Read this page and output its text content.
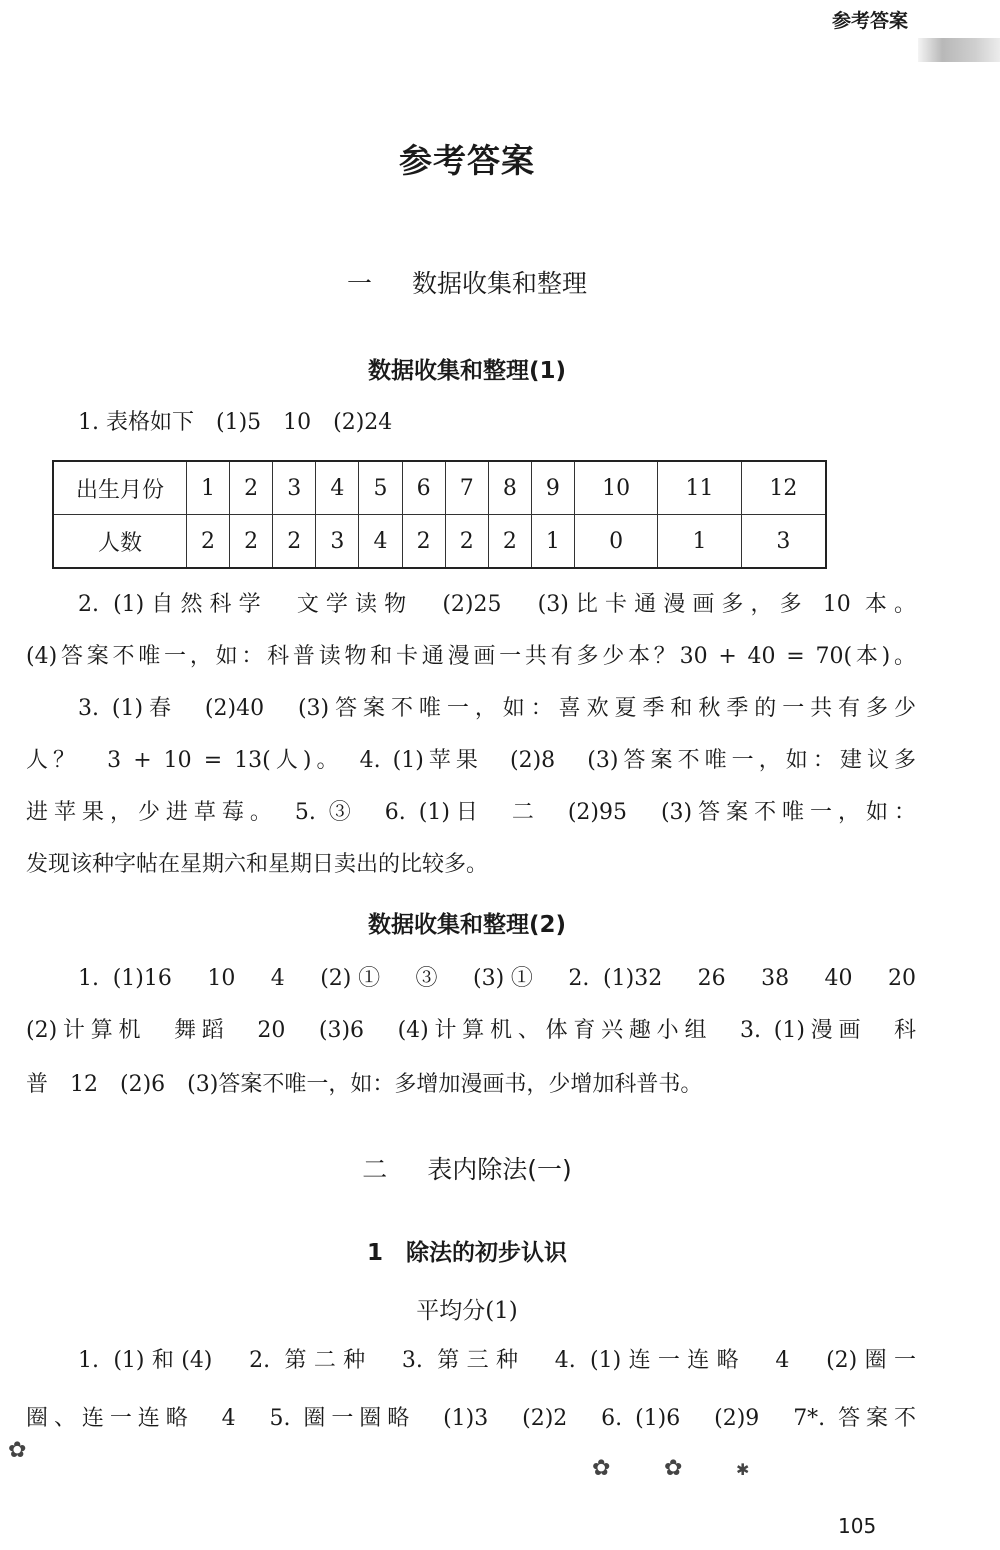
参考答案
参考答案
一 数据收集和整理
数据收集和整理(1)
1. 表格如下　(1)5　10　(2)24
出生月份	1	2	3	4	5	6	7	8	9	10	11	12
人数	2	2	2	3	4	2	2	2	1	0	1	3
2. (1)自然科学　文学读物　(2)25　(3)比卡通漫画多，多 10 本。
(4)答案不唯一，如：科普读物和卡通漫画一共有多少本？30 + 40 = 70(本)。
3. (1)春　(2)40　(3)答案不唯一，如：喜欢夏季和秋季的一共有多少
人？　3 + 10 = 13(人)。　4. (1)苹果　(2)8　(3)答案不唯一，如：建议多
进苹果，少进草莓。　5. ③　6. (1)日　二　(2)95　(3)答案不唯一，如：
发现该种字帖在星期六和星期日卖出的比较多。
数据收集和整理(2)
1. (1)16　10　4　(2)①　③　(3)①　2. (1)32　26　38　40　20
(2)计算机　舞蹈　20　(3)6　(4)计算机、体育兴趣小组　3. (1)漫画　科
普　12　(2)6　(3)答案不唯一，如：多增加漫画书，少增加科普书。
二 表内除法(一)
1　除法的初步认识
平均分(1)
1. (1)和(4)　2. 第二种　3. 第三种　4. (1)连一连略　4　(2)圈一
圈、连一连略　4　5. 圈一圈略　(1)3　(2)2　6. (1)6　(2)9　7*. 答案不
✿
✿ ✿	✱
105
